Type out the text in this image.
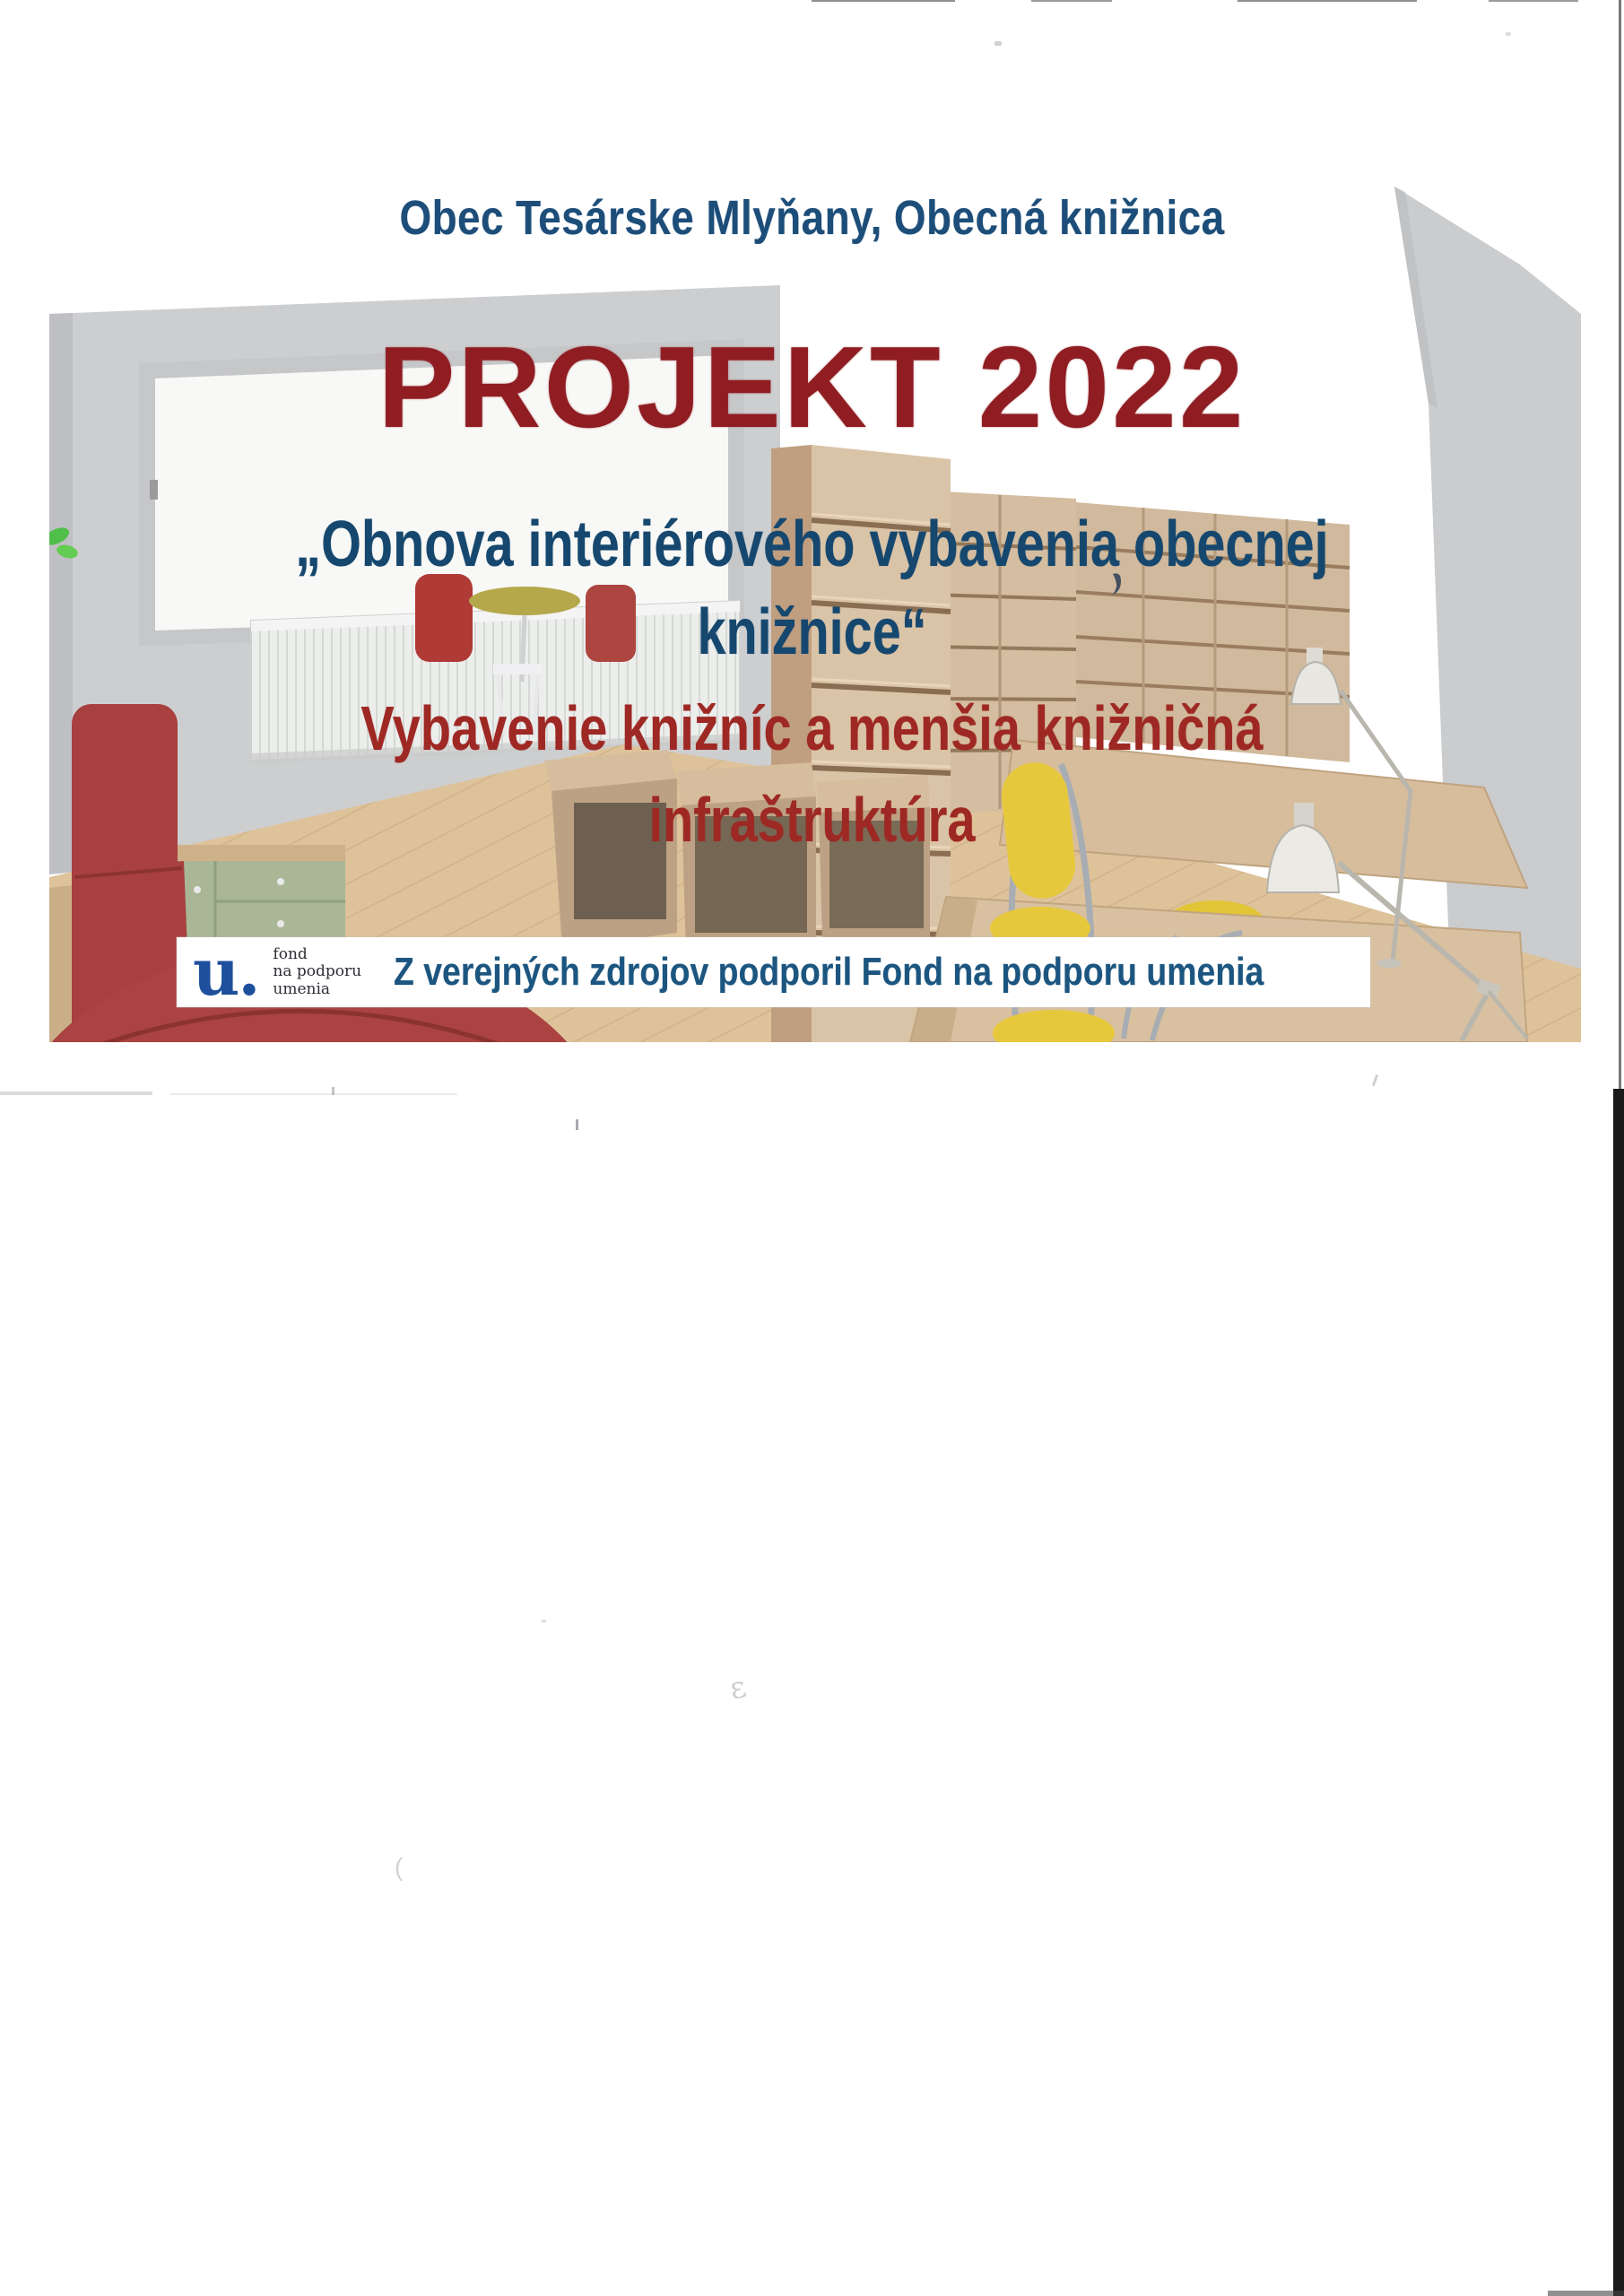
Obec Tesárske Mlyňany, Obecná knižnica
PROJEKT 2022
„Obnova interiérového vybavenia obecnej
knižnice“
Vybavenie knižníc a menšia knižničná
infraštruktúra
u. fond
na podporu
umenia	Z verejných zdrojov podporil Fond na podporu umenia
ε
(
